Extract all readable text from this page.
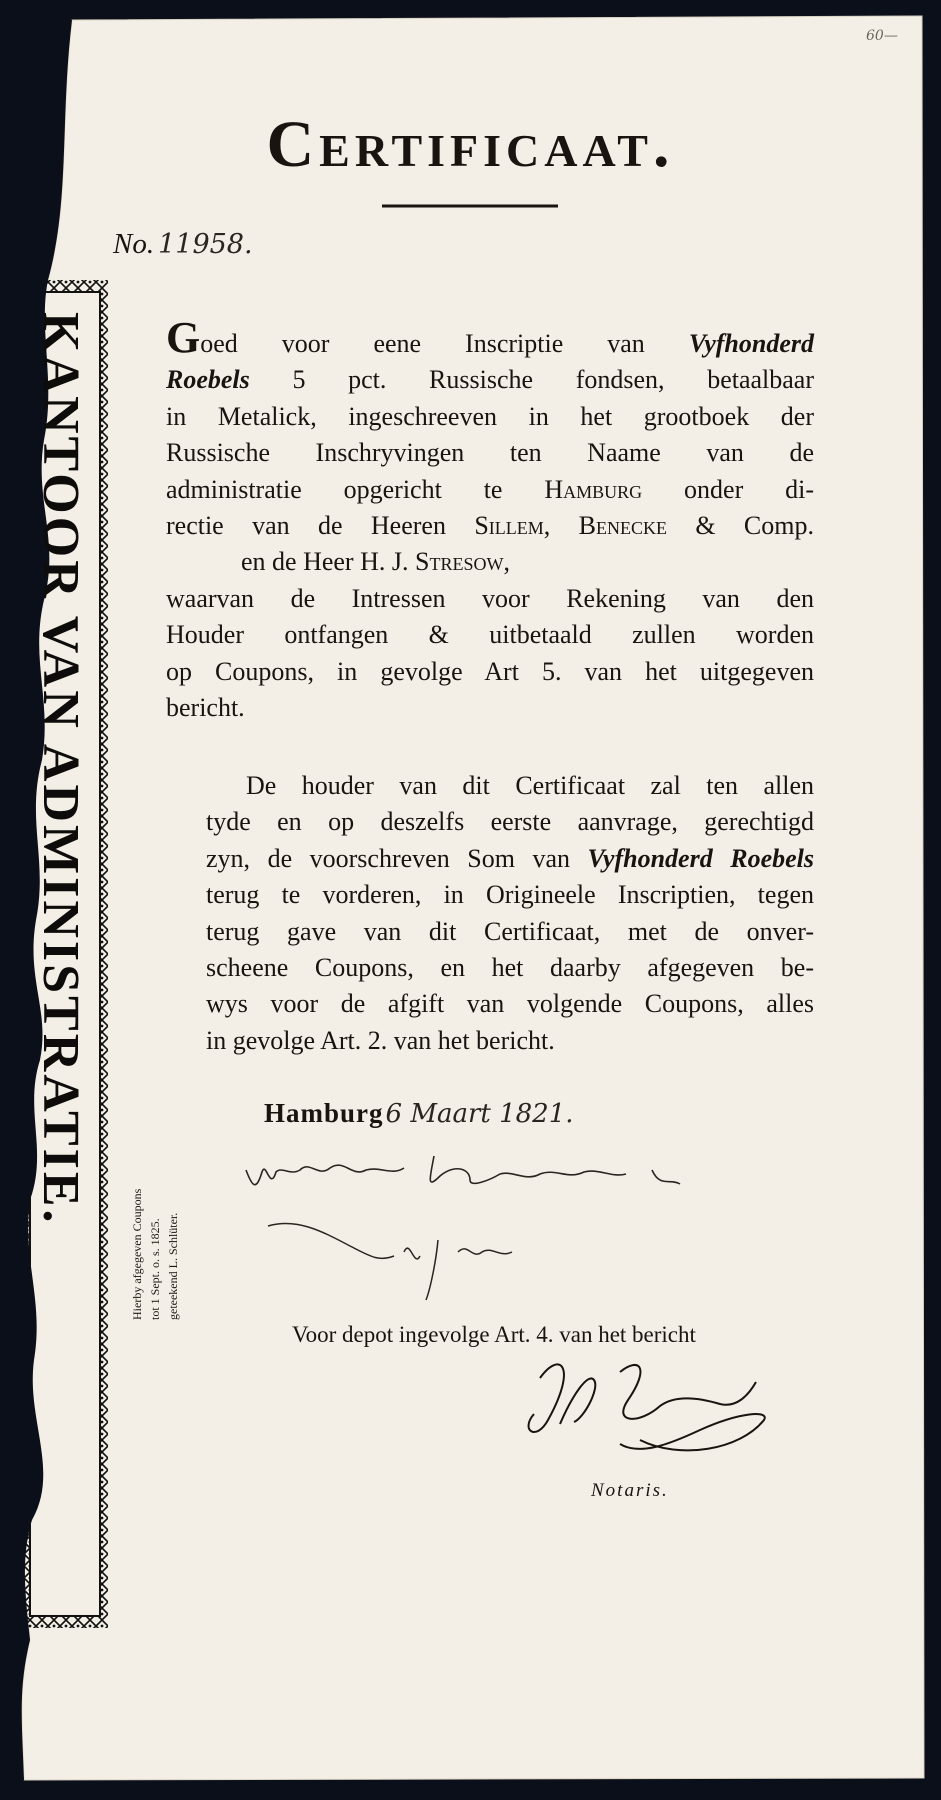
60—
KANTOOR VAN ADMINISTRATIE.
Certificaat.
No. 11958.
Goed voor eene Inscriptie van Vyfhonderd
Roebels 5 pct. Russische fondsen, betaalbaar
in Metalick, ingeschreeven in het grootboek der
Russische Inschryvingen ten Naame van de
administratie opgericht te Hamburg onder di-
rectie van de Heeren Sillem, Benecke & Comp.
en de Heer H. J. Stresow,
waarvan de Intressen voor Rekening van den
Houder ontfangen & uitbetaald zullen worden
op Coupons, in gevolge Art 5. van het uitgegeven
bericht.
De houder van dit Certificaat zal ten allen
tyde en op deszelfs eerste aanvrage, gerechtigd
zyn, de voorschreven Som van Vyfhonderd Roebels
terug te vorderen, in Origineele Inscriptien, tegen
terug gave van dit Certificaat, met de onver-
scheene Coupons, en het daarby afgegeven be-
wys voor de afgift van volgende Coupons, alles
in gevolge Art. 2. van het bericht.
Hamburg6 Maart 1821.
Voor depot ingevolge Art. 4. van het bericht
Notaris.
Hierby afgegeven Coupons tot 1 Sept. o. s. 1825. geteekend L. Schlüter.
